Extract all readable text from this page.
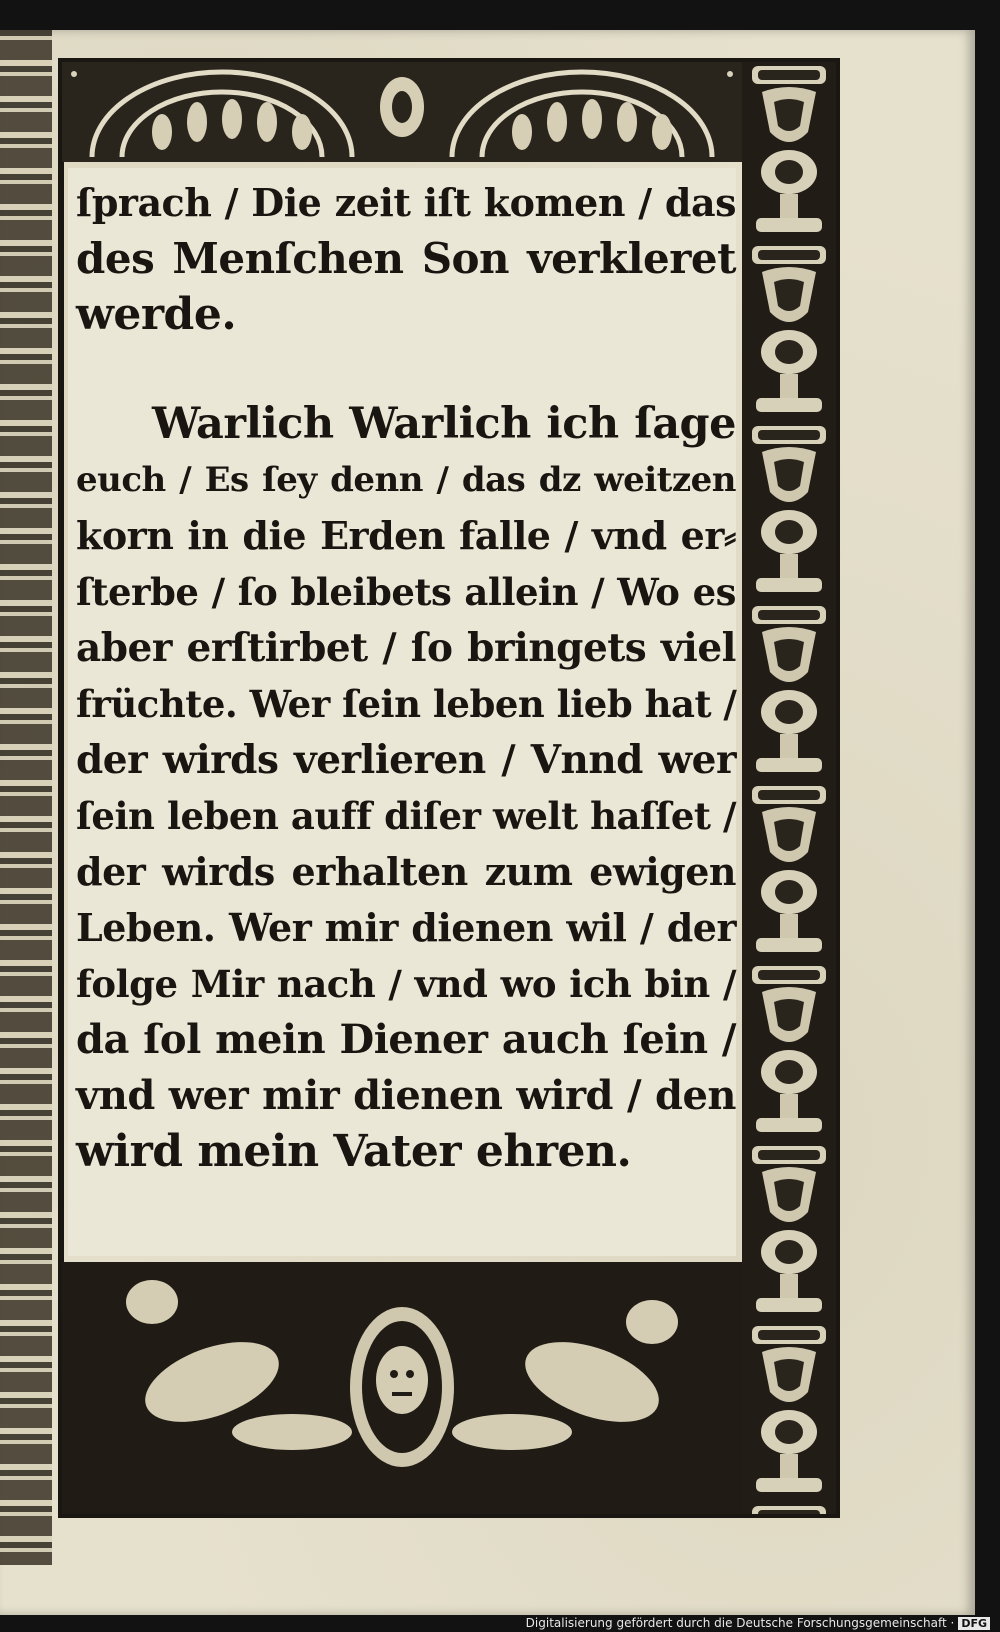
ſprach / Die zeit iſt komen / das
des Menſchen Son verkleret
werde.
Warlich Warlich ich ſage
euch / Es ſey denn / das dz weitzen
korn in die Erden falle / vnd er⸗
ſterbe / ſo bleibets allein / Wo es
aber erſtirbet / ſo bringets viel
früchte. Wer ſein leben lieb hat /
der wirds verlieren / Vnnd wer
ſein leben auff diſer welt haſſet /
der wirds erhalten zum ewigen
Leben. Wer mir dienen wil / der
folge Mir nach / vnd wo ich bin /
da ſol mein Diener auch ſein /
vnd wer mir dienen wird / den
wird mein Vater ehren.
Digitalisierung gefördert durch die Deutsche Forschungsgemeinschaft · DFG
